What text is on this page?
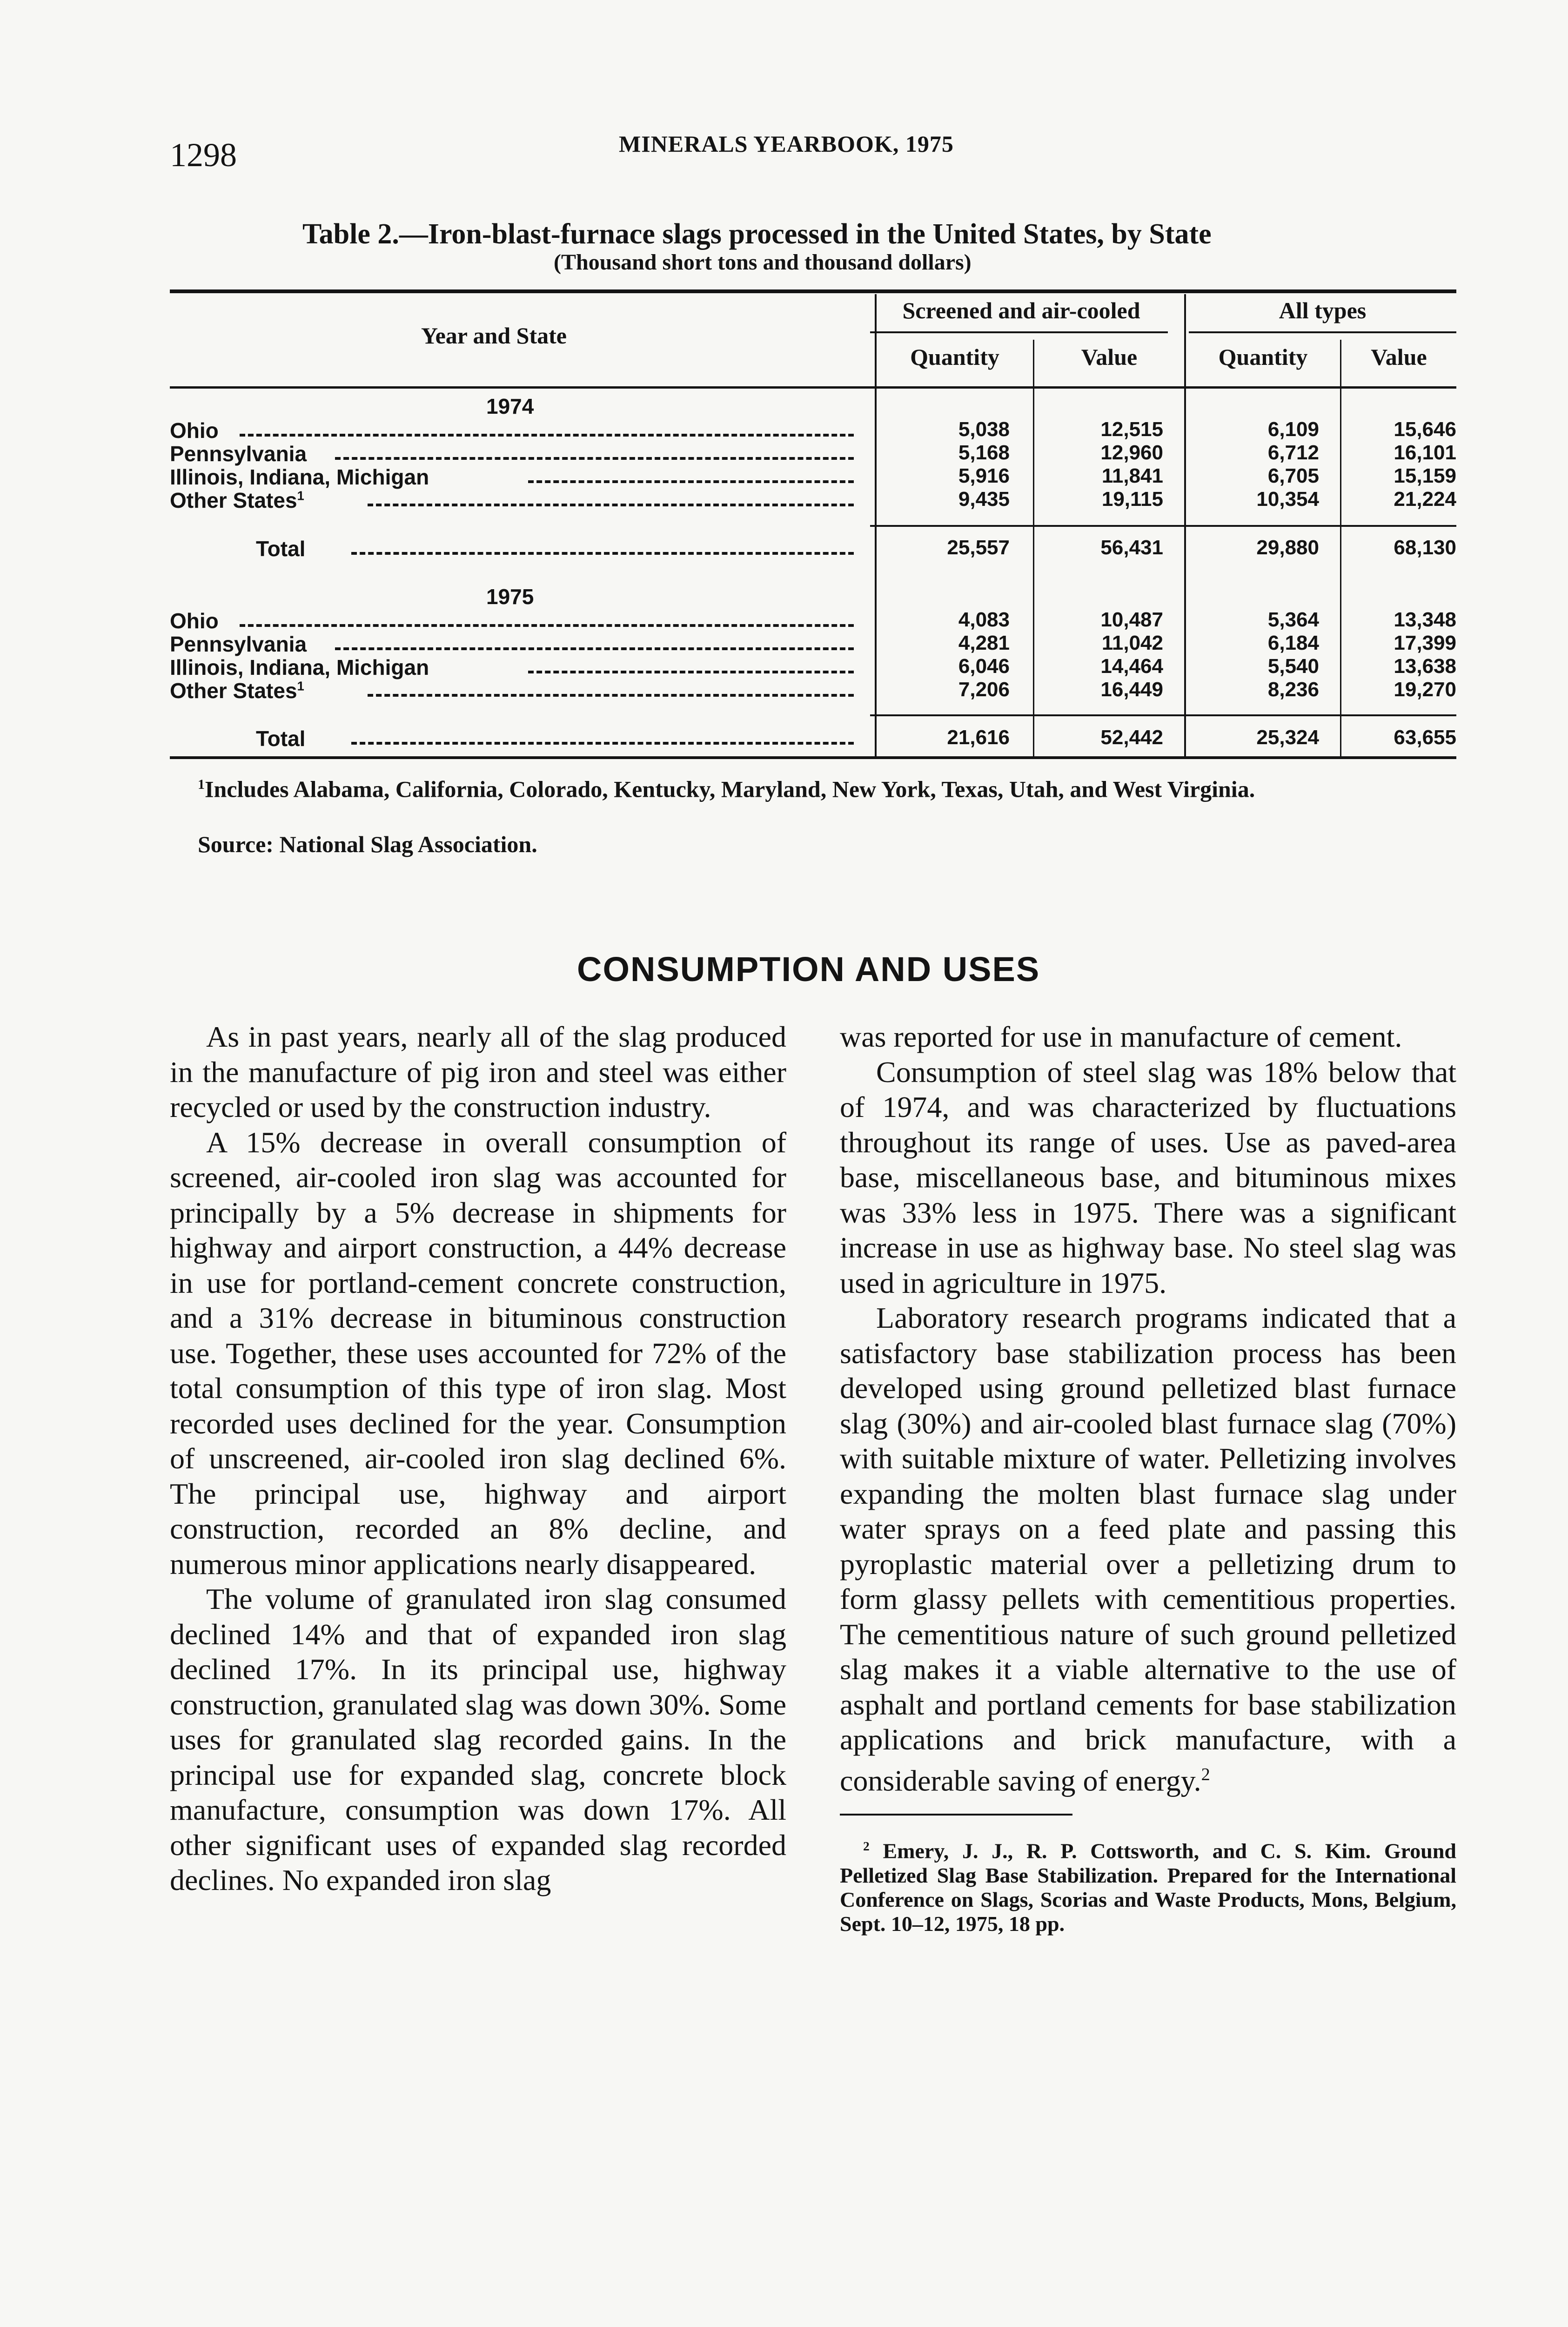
1298	MINERALS YEARBOOK, 1975
Table 2.—Iron-blast-furnace slags processed in the United States, by State
(Thousand short tons and thousand dollars)
Year and State
Screened and air-cooled	All types
Quantity	Value	Quantity	Value
1974
Ohio	5,038	12,515	6,109	15,646
Pennsylvania	5,168	12,960	6,712	16,101
Illinois, Indiana, Michigan	5,916	11,841	6,705	15,159
Other States$^1$	9,435	19,115	10,354	21,224
Total	25,557	56,431	29,880	68,130
1975
Ohio	4,083	10,487	5,364	13,348
Pennsylvania	4,281	11,042	6,184	17,399
Illinois, Indiana, Michigan	6,046	14,464	5,540	13,638
Other States$^1$	7,206	16,449	8,236	19,270
Total	21,616	52,442	25,324	63,655
$^1$Includes Alabama, California, Colorado, Kentucky, Maryland, New York, Texas, Utah, and West Virginia.
Source: National Slag Association.
CONSUMPTION AND USES

As in past years, nearly all of the slag produced in the manufacture of pig iron and steel was either recycled or used by the construction industry.

A 15% decrease in overall consumption of screened, air-cooled iron slag was accounted for principally by a 5% decrease in shipments for highway and airport construction, a 44% decrease in use for portland-cement concrete construction, and a 31% decrease in bituminous construction use. Together, these uses accounted for 72% of the total consumption of this type of iron slag. Most recorded uses declined for the year. Consumption of unscreened, air-cooled iron slag declined 6%. The principal use, highway and airport construction, recorded an 8% decline, and numerous minor applications nearly disappeared.

The volume of granulated iron slag consumed declined 14% and that of expanded iron slag declined 17%. In its principal use, highway construction, granulated slag was down 30%. Some uses for granulated slag recorded gains. In the principal use for expanded slag, concrete block manufacture, consumption was down 17%. All other significant uses of expanded slag recorded declines. No expanded iron slag

was reported for use in manufacture of cement.

Consumption of steel slag was 18% below that of 1974, and was characterized by fluctuations throughout its range of uses. Use as paved-area base, miscellaneous base, and bituminous mixes was 33% less in 1975. There was a significant increase in use as highway base. No steel slag was used in agriculture in 1975.

Laboratory research programs indicated that a satisfactory base stabilization process has been developed using ground pelletized blast furnace slag (30%) and air-cooled blast furnace slag (70%) with suitable mixture of water. Pelletizing involves expanding the molten blast furnace slag under water sprays on a feed plate and passing this pyroplastic material over a pelletizing drum to form glassy pellets with cementitious properties. The cementitious nature of such ground pelletized slag makes it a viable alternative to the use of asphalt and portland cements for base stabilization applications and brick manufacture, with a considerable saving of energy.$^2$

$^2$ Emery, J. J., R. P. Cottsworth, and C. S. Kim. Ground Pelletized Slag Base Stabilization. Prepared for the International Conference on Slags, Scorias and Waste Products, Mons, Belgium, Sept. 10–12, 1975, 18 pp.
